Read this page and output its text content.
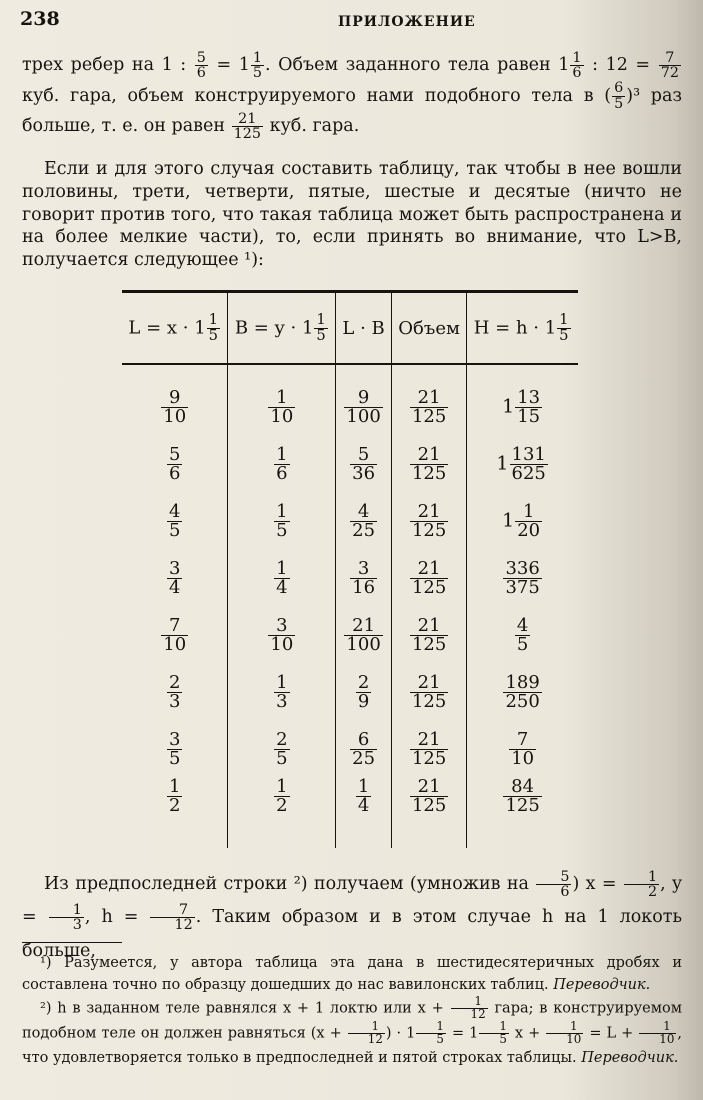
238	ПРИЛОЖЕНИЕ
трех ребер на 1 : $\frac{5}{6} = 1 \frac{1}{5}$ . Объем заданного тела равен $1 \frac{1}{6}$ : $12 = \frac{7}{72}$
куб. гара, объем конструируемого нами подобного тела в ( $\frac{6}{5} )^3$ раз больше, т. е. он равен $\frac{21}{125}$ куб. гара.
Если и для этого случая составить таблицу, так чтобы в нее вошли половины, трети, четверти, пятые, шестые и десятые (ничто не говорит против того, что такая таблица может быть распространена и на более мелкие части), то, если принять во внимание, что L>B, получается следующее ¹):
$L = x \cdot 1 \frac{1}{5}$	$B = y \cdot 1 \frac{1}{5}$	L · B	Объем	$H = h \cdot 1 \frac{1}{5}$

$\frac{9}{10}$	$\frac{1}{10}$	$\frac{9}{100}$	$\frac{21}{125}$	$1 \frac{13}{15}$

$\frac{5}{6}$	$\frac{1}{6}$	$\frac{5}{36}$	$\frac{21}{125}$	$1 \frac{131}{625}$

$\frac{4}{5}$	$\frac{1}{5}$	$\frac{4}{25}$	$\frac{21}{125}$	$1 \frac{1}{20}$

$\frac{3}{4}$	$\frac{1}{4}$	$\frac{3}{16}$	$\frac{21}{125}$	$\frac{336}{375}$

$\frac{7}{10}$	$\frac{3}{10}$	$\frac{21}{100}$	$\frac{21}{125}$	$\frac{4}{5}$

$\frac{2}{3}$	$\frac{1}{3}$	$\frac{2}{9}$	$\frac{21}{125}$	$\frac{189}{250}$

$\frac{3}{5}$	$\frac{2}{5}$	$\frac{6}{25}$	$\frac{21}{125}$	$\frac{7}{10}$

$\frac{1}{2}$	$\frac{1}{2}$	$\frac{1}{4}$	$\frac{21}{125}$	$\frac{84}{125}$
Из предпоследней строки ²) получаем (умножив на $\frac{5}{6}$ ) $x = \frac{1}{2}$ , $y = \frac{1}{3}$ , $h = \frac{7}{12}$ . Таким образом и в этом случае h на 1 локоть больше,
¹) Разумеется, у автора таблица эта дана в шестидесятеричных дробях и составлена точно по образцу дошедших до нас вавилонских таблиц. Переводчик.
²) h в заданном теле равнялся x + 1 локтю или $x + \frac{1}{12}$ гара; в конструируемом подобном теле он должен равняться ($x + \frac{1}{12}$ ) · $1 \frac{1}{5} = 1 \frac{1}{5}$ $x + \frac{1}{10} = L + \frac{1}{10}$ , что удовлетворяется только в предпоследней и пятой строках таблицы. Переводчик.
